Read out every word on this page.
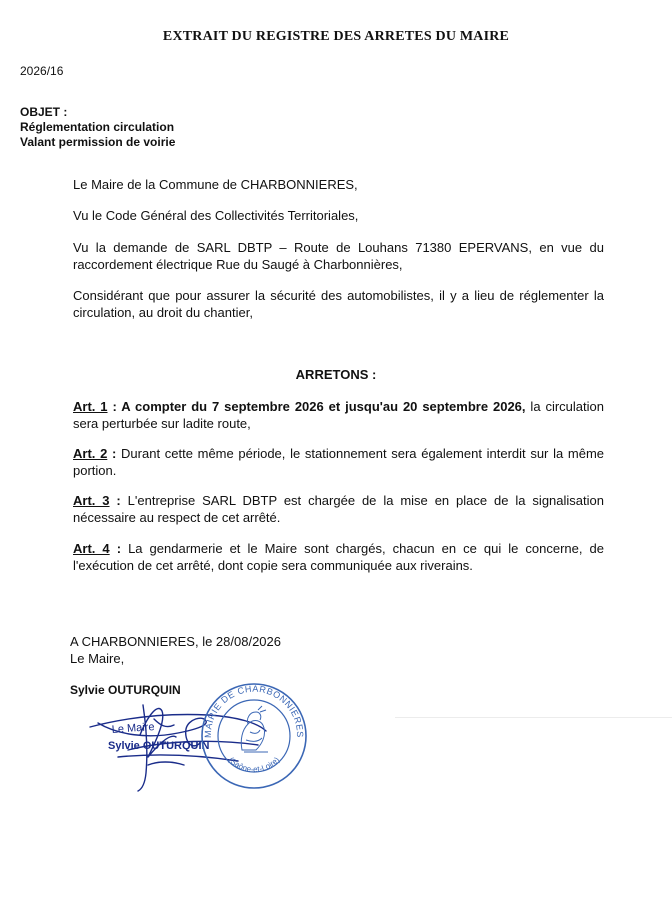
EXTRAIT DU REGISTRE DES ARRETES DU MAIRE
2026/16
OBJET :
Réglementation circulation
Valant permission de voirie
Le Maire de la Commune de CHARBONNIERES,
Vu le Code Général des Collectivités Territoriales,
Vu la demande de SARL DBTP – Route de Louhans 71380 EPERVANS, en vue du raccordement électrique Rue du Saugé à Charbonnières,
Considérant que pour assurer la sécurité des automobilistes, il y a lieu de réglementer la circulation, au droit du chantier,
ARRETONS :
Art. 1 : A compter du 7 septembre 2026 et jusqu'au 20 septembre 2026, la circulation sera perturbée sur ladite route,
Art. 2 : Durant cette même période, le stationnement sera également interdit sur la même portion.
Art. 3 : L'entreprise SARL DBTP est chargée de la mise en place de la signalisation nécessaire au respect de cet arrêté.
Art. 4 : La gendarmerie et le Maire sont chargés, chacun en ce qui le concerne, de l'exécution de cet arrêté, dont copie sera communiquée aux riverains.
A CHARBONNIERES, le 28/08/2026
Le Maire,
Sylvie OUTURQUIN
Le Maire
Sylvie OUTURQUIN
MAIRIE DE CHARBONNIERES
(Saône-et-Loire)
